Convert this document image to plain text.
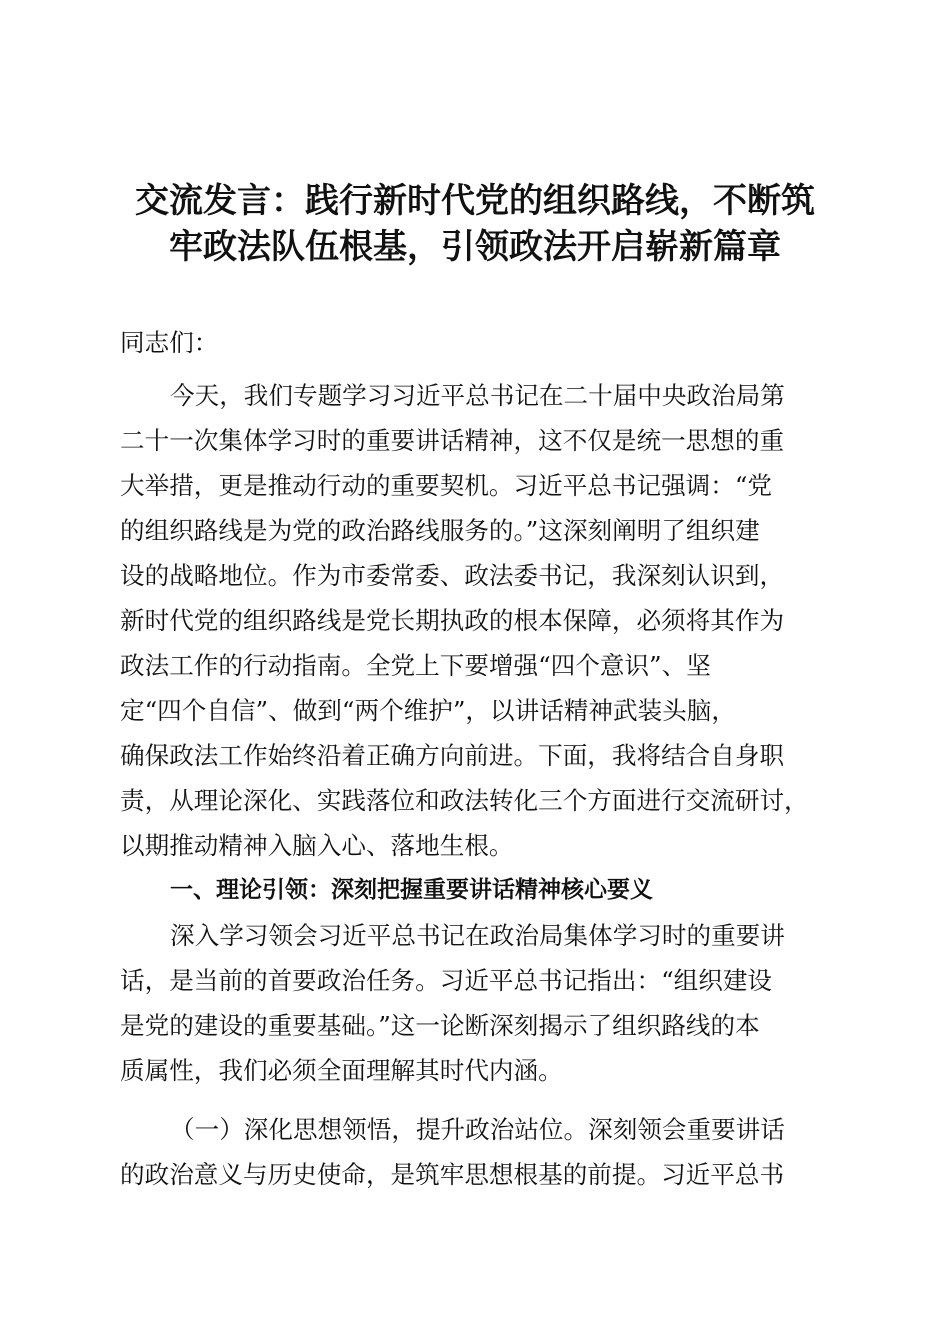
交流发言：践行新时代党的组织路线，不断筑
牢政法队伍根基，引领政法开启崭新篇章
同志们：
今天，我们专题学习习近平总书记在二十届中央政治局第
二十一次集体学习时的重要讲话精神，这不仅是统一思想的重
大举措，更是推动行动的重要契机。习近平总书记强调：“党
的组织路线是为党的政治路线服务的。”这深刻阐明了组织建
设的战略地位。作为市委常委、政法委书记，我深刻认识到，
新时代党的组织路线是党长期执政的根本保障，必须将其作为
政法工作的行动指南。全党上下要增强“四个意识”、坚
定“四个自信”、做到“两个维护”，以讲话精神武装头脑，
确保政法工作始终沿着正确方向前进。下面，我将结合自身职
责，从理论深化、实践落位和政法转化三个方面进行交流研讨，
以期推动精神入脑入心、落地生根。
一、理论引领：深刻把握重要讲话精神核心要义
深入学习领会习近平总书记在政治局集体学习时的重要讲
话，是当前的首要政治任务。习近平总书记指出：“组织建设
是党的建设的重要基础。”这一论断深刻揭示了组织路线的本
质属性，我们必须全面理解其时代内涵。
（一）深化思想领悟，提升政治站位。深刻领会重要讲话
的政治意义与历史使命，是筑牢思想根基的前提。习近平总书
